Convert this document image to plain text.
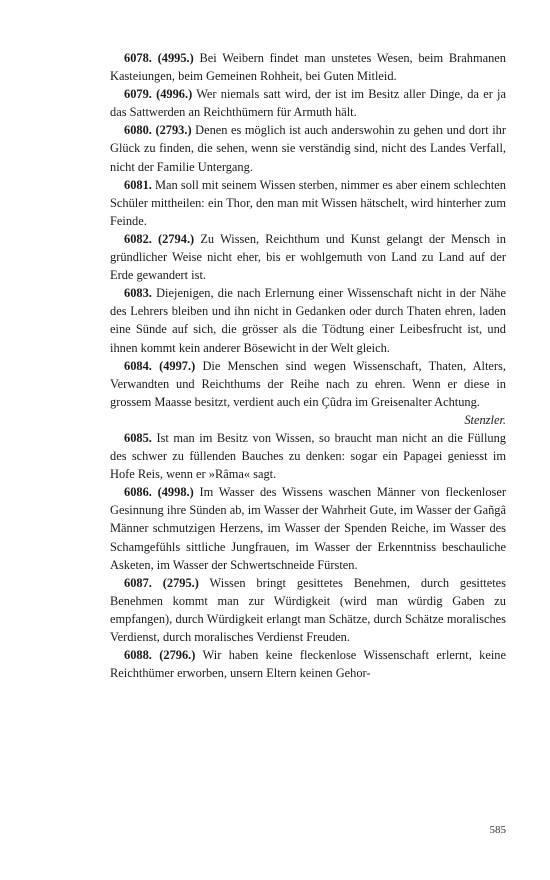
6078. (4995.) Bei Weibern findet man unstetes Wesen, beim Brahmanen Kasteiungen, beim Gemeinen Rohheit, bei Guten Mitleid.

6079. (4996.) Wer niemals satt wird, der ist im Besitz aller Dinge, da er ja das Sattwerden an Reichthümern für Armuth hält.

6080. (2793.) Denen es möglich ist auch anderswohin zu gehen und dort ihr Glück zu finden, die sehen, wenn sie verständig sind, nicht des Landes Verfall, nicht der Familie Untergang.

6081. Man soll mit seinem Wissen sterben, nimmer es aber einem schlechten Schüler mittheilen: ein Thor, den man mit Wissen hätschelt, wird hinterher zum Feinde.

6082. (2794.) Zu Wissen, Reichthum und Kunst gelangt der Mensch in gründlicher Weise nicht eher, bis er wohlgemuth von Land zu Land auf der Erde gewandert ist.

6083. Diejenigen, die nach Erlernung einer Wissenschaft nicht in der Nähe des Lehrers bleiben und ihn nicht in Gedanken oder durch Thaten ehren, laden eine Sünde auf sich, die grösser als die Tödtung einer Leibesfrucht ist, und ihnen kommt kein anderer Bösewicht in der Welt gleich.

6084. (4997.) Die Menschen sind wegen Wissenschaft, Thaten, Alters, Verwandten und Reichthums der Reihe nach zu ehren. Wenn er diese in grossem Maasse besitzt, verdient auch ein Çûdra im Greisenalter Achtung.

Stenzler.

6085. Ist man im Besitz von Wissen, so braucht man nicht an die Füllung des schwer zu füllenden Bauches zu denken: sogar ein Papagei geniesst im Hofe Reis, wenn er »Râma« sagt.

6086. (4998.) Im Wasser des Wissens waschen Männer von fleckenloser Gesinnung ihre Sünden ab, im Wasser der Wahrheit Gute, im Wasser der Gañgâ Männer schmutzigen Herzens, im Wasser der Spenden Reiche, im Wasser des Schamgefühls sittliche Jungfrauen, im Wasser der Erkenntniss beschauliche Asketen, im Wasser der Schwertschneide Fürsten.

6087. (2795.) Wissen bringt gesittetes Benehmen, durch gesittetes Benehmen kommt man zur Würdigkeit (wird man würdig Gaben zu empfangen), durch Würdigkeit erlangt man Schätze, durch Schätze moralisches Verdienst, durch moralisches Verdienst Freuden.

6088. (2796.) Wir haben keine fleckenlose Wissenschaft erlernt, keine Reichthümer erworben, unsern Eltern keinen Gehor-

585
